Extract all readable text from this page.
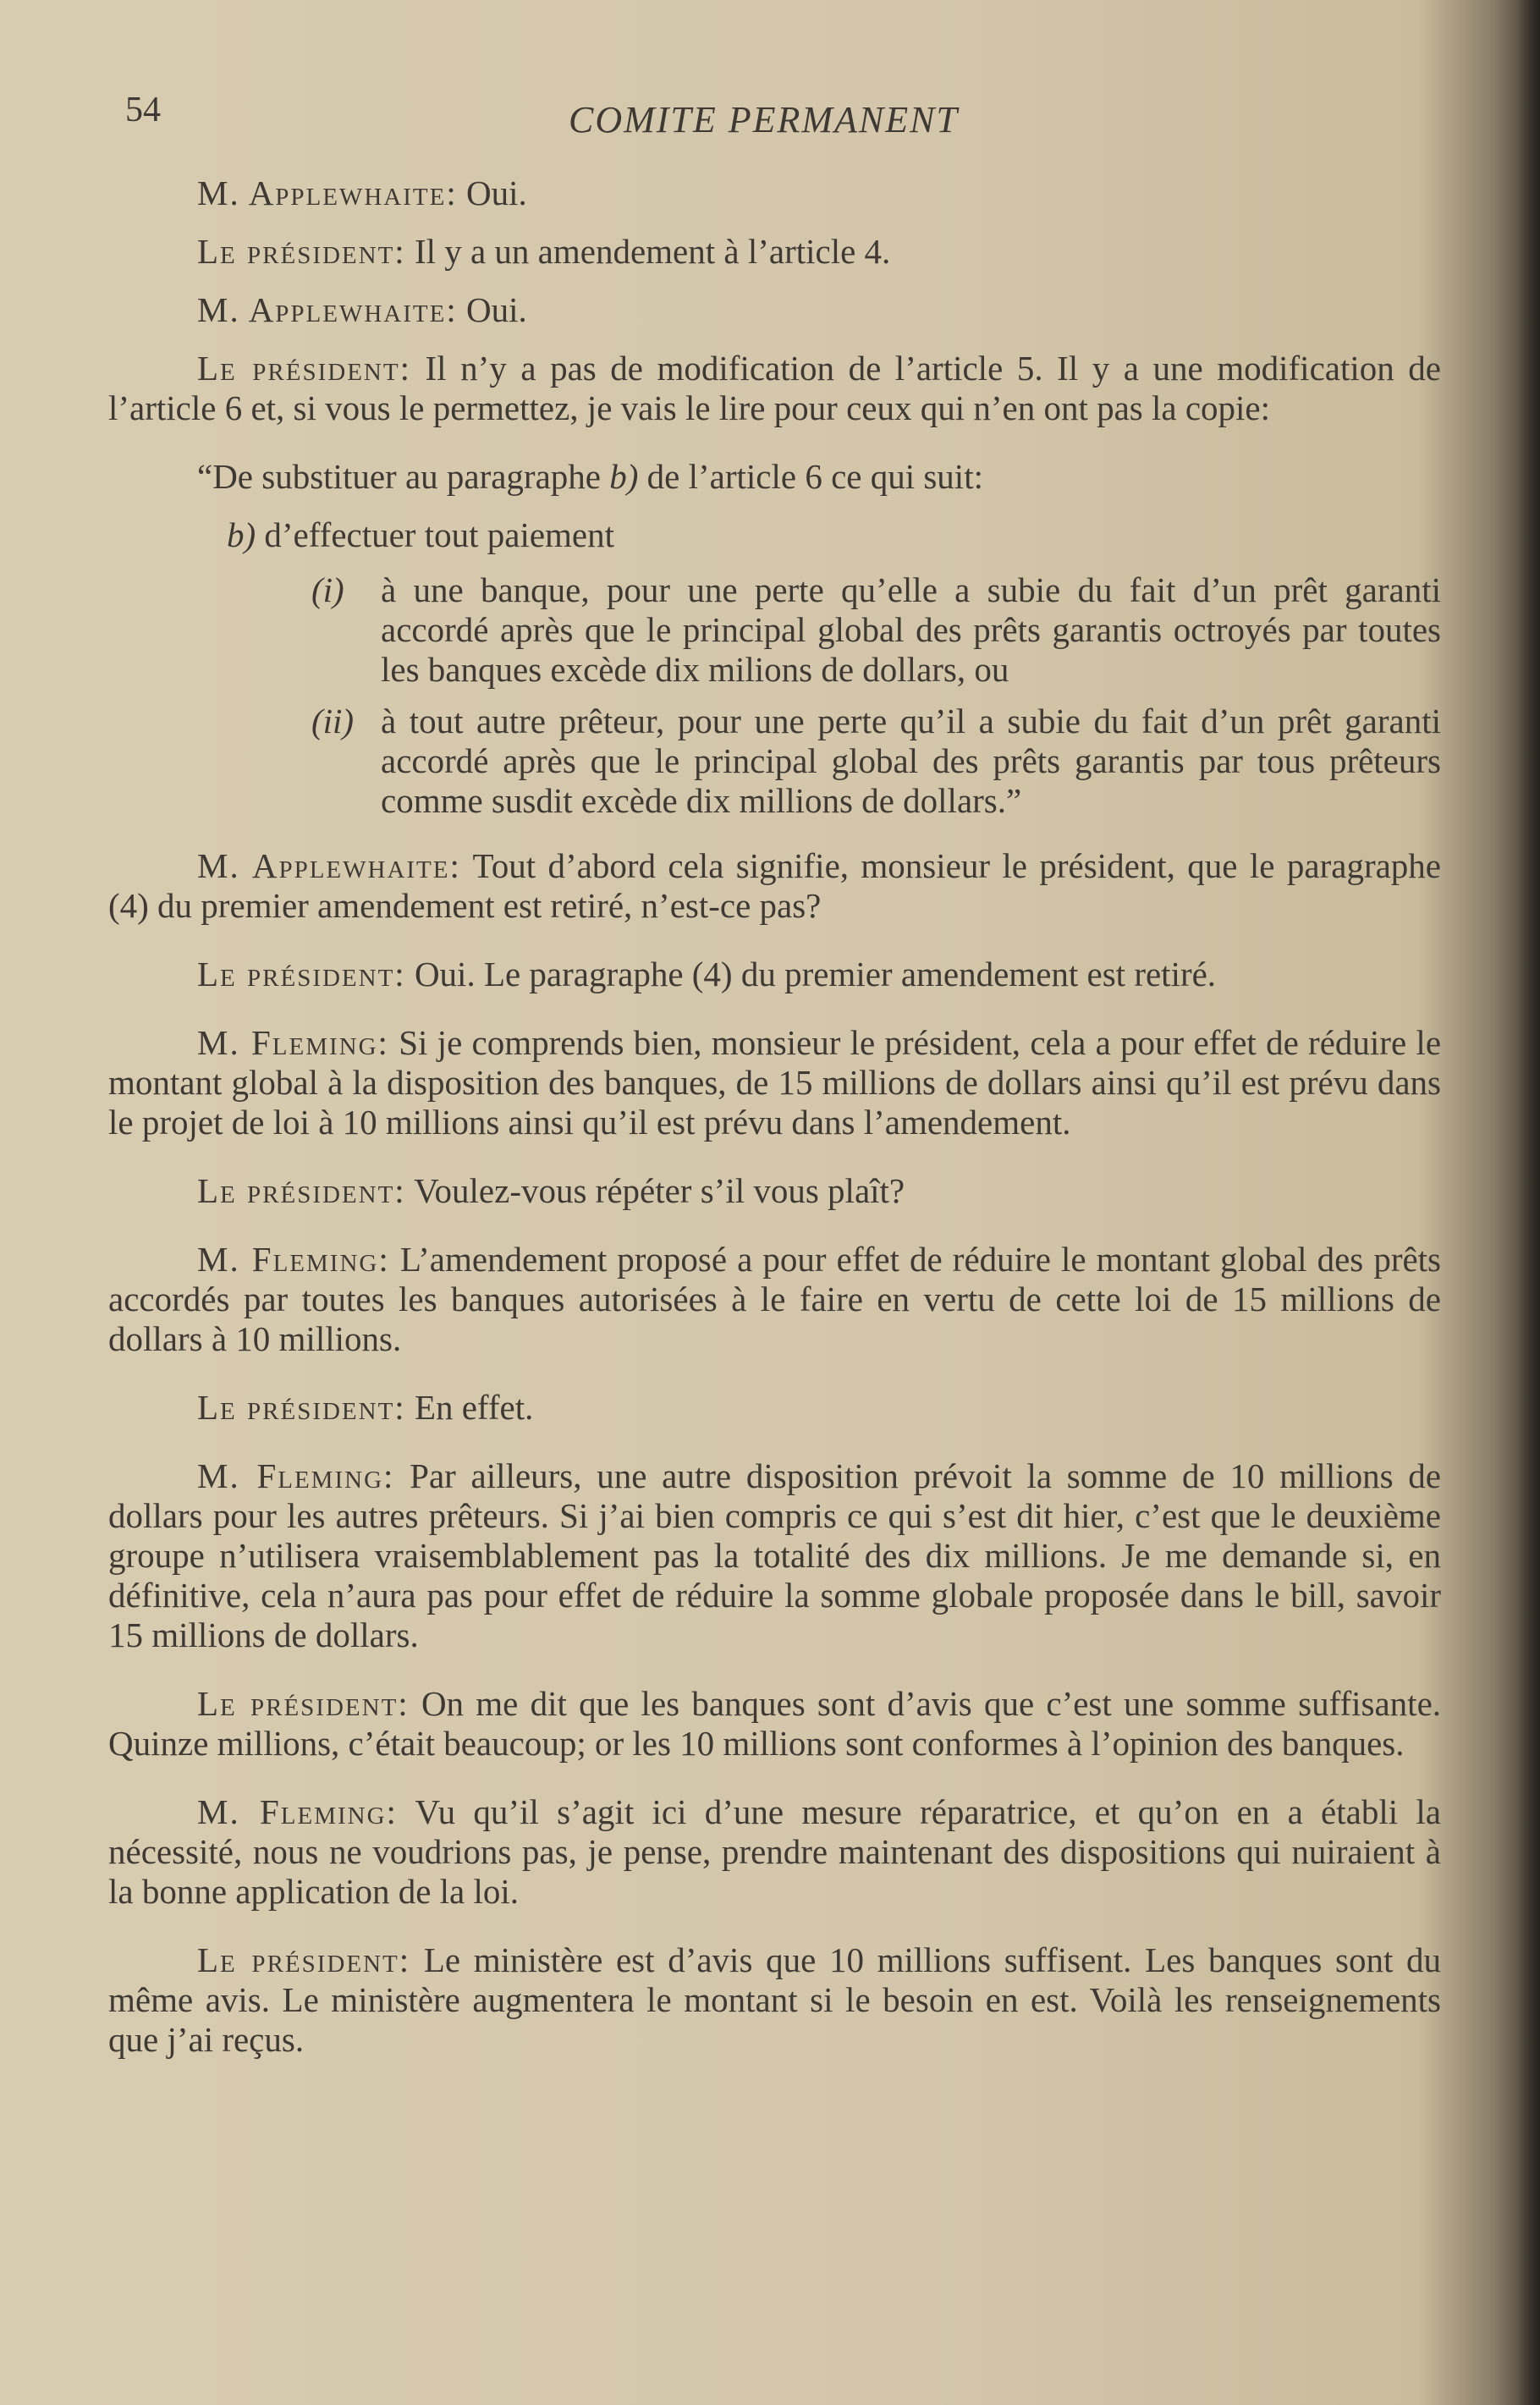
54	COMITE PERMANENT

M. Applewhaite: Oui.

Le président: Il y a un amendement à l’article 4.

M. Applewhaite: Oui.

Le président: Il n’y a pas de modification de l’article 5. Il y a une modification de l’article 6 et, si vous le permettez, je vais le lire pour ceux qui n’en ont pas la copie:

“De substituer au paragraphe b) de l’article 6 ce qui suit:
b) d’effectuer tout paiement
(i) à une banque, pour une perte qu’elle a subie du fait d’un prêt garanti accordé après que le principal global des prêts garantis octroyés par toutes les banques excède dix milions de dollars, ou
(ii) à tout autre prêteur, pour une perte qu’il a subie du fait d’un prêt garanti accordé après que le principal global des prêts garantis par tous prêteurs comme susdit excède dix millions de dollars.”

M. Applewhaite: Tout d’abord cela signifie, monsieur le président, que le paragraphe (4) du premier amendement est retiré, n’est-ce pas?

Le président: Oui. Le paragraphe (4) du premier amendement est retiré.

M. Fleming: Si je comprends bien, monsieur le président, cela a pour effet de réduire le montant global à la disposition des banques, de 15 millions de dollars ainsi qu’il est prévu dans le projet de loi à 10 millions ainsi qu’il est prévu dans l’amendement.

Le président: Voulez-vous répéter s’il vous plaît?

M. Fleming: L’amendement proposé a pour effet de réduire le montant global des prêts accordés par toutes les banques autorisées à le faire en vertu de cette loi de 15 millions de dollars à 10 millions.

Le président: En effet.

M. Fleming: Par ailleurs, une autre disposition prévoit la somme de 10 millions de dollars pour les autres prêteurs. Si j’ai bien compris ce qui s’est dit hier, c’est que le deuxième groupe n’utilisera vraisemblablement pas la totalité des dix millions. Je me demande si, en définitive, cela n’aura pas pour effet de réduire la somme globale proposée dans le bill, savoir 15 millions de dollars.

Le président: On me dit que les banques sont d’avis que c’est une somme suffisante. Quinze millions, c’était beaucoup; or les 10 millions sont conformes à l’opinion des banques.

M. Fleming: Vu qu’il s’agit ici d’une mesure réparatrice, et qu’on en a établi la nécessité, nous ne voudrions pas, je pense, prendre maintenant des dispositions qui nuiraient à la bonne application de la loi.

Le président: Le ministère est d’avis que 10 millions suffisent. Les banques sont du même avis. Le ministère augmentera le montant si le besoin en est. Voilà les renseignements que j’ai reçus.
